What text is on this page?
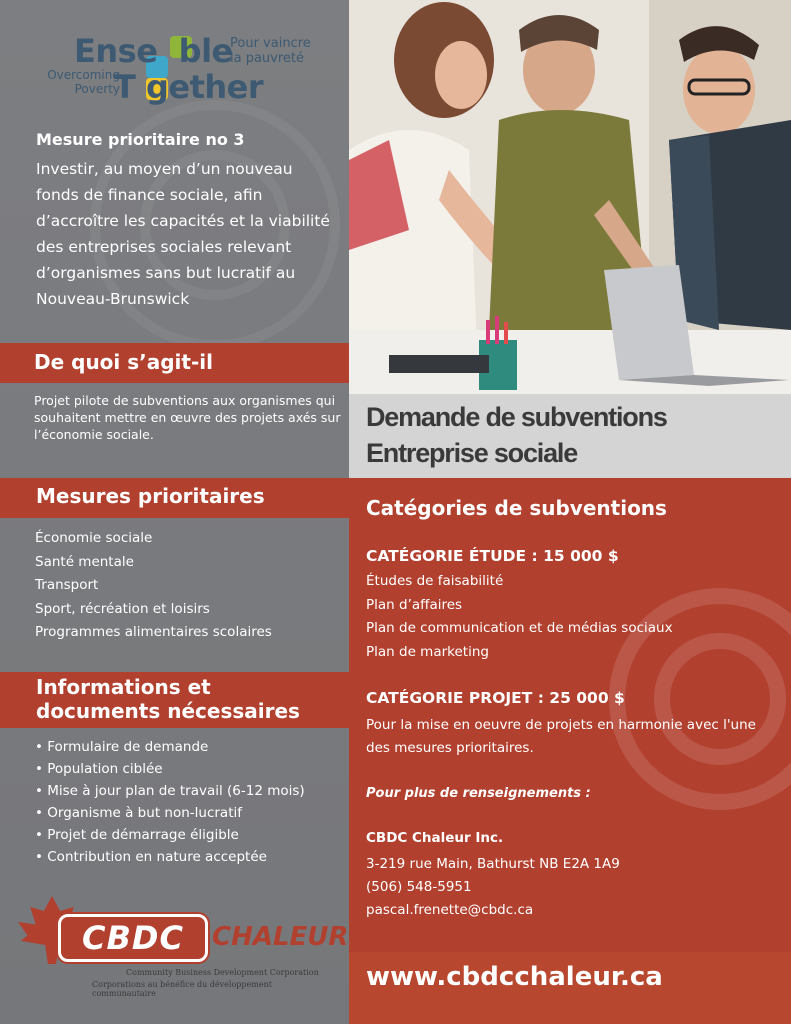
Ense  ble
T gether
Pour vaincre
la pauvreté
Overcoming
Poverty
Mesure prioritaire no 3
Investir, au moyen d’un nouveau fonds de finance sociale, afin d’accroître les capacités et la viabilité des entreprises sociales relevant d’organismes sans but lucratif au Nouveau-Brunswick
De quoi s’agit-il
Projet pilote de subventions aux organismes qui souhaitent mettre en œuvre des projets axés sur l’économie sociale.
Mesures prioritaires
Économie sociale
Santé mentale
Transport
Sport, récréation et loisirs
Programmes alimentaires scolaires
Informations et documents nécessaires
• Formulaire de demande
• Population ciblée
• Mise à jour plan de travail (6-12 mois)
• Organisme à but non-lucratif
• Projet de démarrage éligible
• Contribution en nature acceptée
CBDC	CHALEUR
Community Business Development Corporation
Corporations au bénéfice du développement communautaire
Demande de subventions
Entreprise sociale
Catégories de subventions
CATÉGORIE ÉTUDE : 15 000 $
Études de faisabilité
Plan d’affaires
Plan de communication et de médias sociaux
Plan de marketing
CATÉGORIE PROJET : 25 000 $
Pour la mise en oeuvre de projets en harmonie avec l'une des mesures prioritaires.
Pour plus de renseignements :
CBDC Chaleur Inc.
3-219 rue Main, Bathurst NB E2A 1A9
(506) 548-5951
pascal.frenette@cbdc.ca
www.cbdcchaleur.ca
